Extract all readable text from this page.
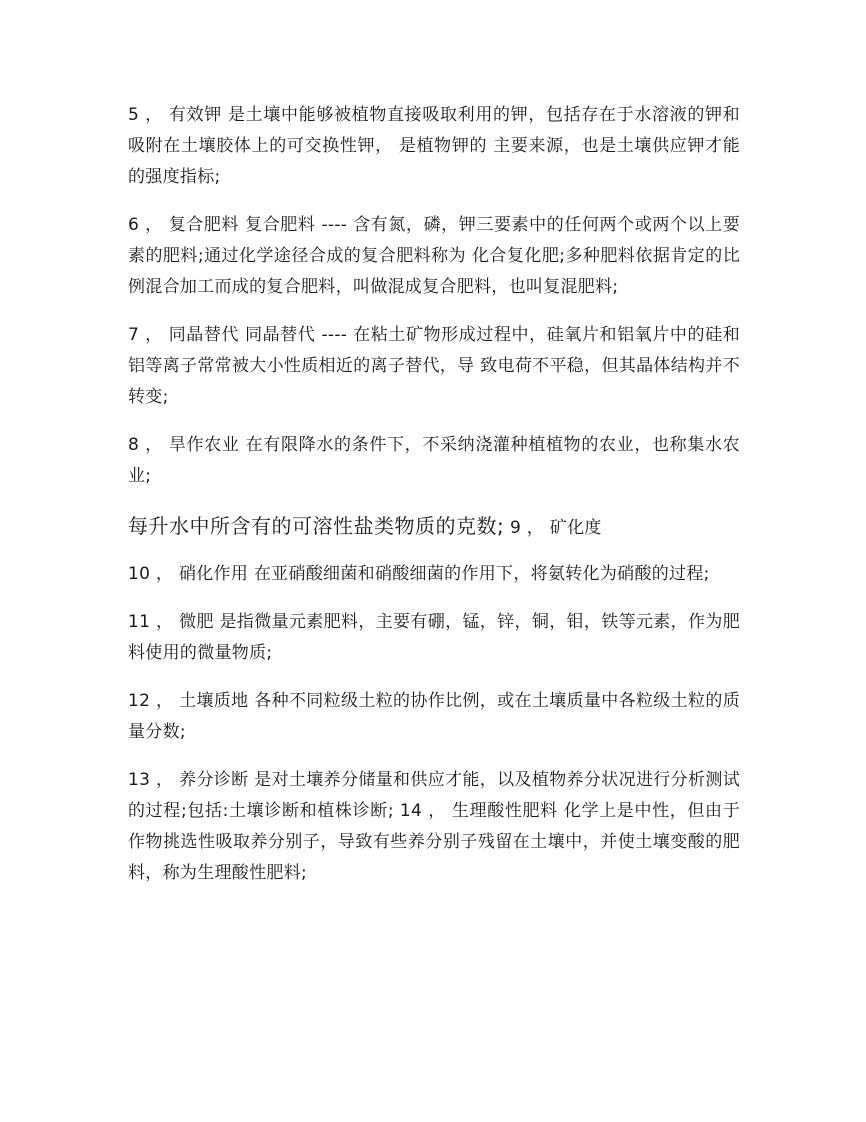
5 ， 有效钾 是土壤中能够被植物直接吸取利用的钾，包括存在于水溶液的钾和吸附在土壤胶体上的可交换性钾， 是植物钾的 主要来源，也是土壤供应钾才能的强度指标;

6 ， 复合肥料 复合肥料 ---- 含有氮，磷，钾三要素中的任何两个或两个以上要素的肥料;通过化学途径合成的复合肥料称为 化合复化肥;多种肥料依据肯定的比例混合加工而成的复合肥料，叫做混成复合肥料，也叫复混肥料;

7 ， 同晶替代 同晶替代 ---- 在粘土矿物形成过程中，硅氧片和铝氧片中的硅和铝等离子常常被大小性质相近的离子替代，导 致电荷不平稳，但其晶体结构并不转变;

8 ， 旱作农业 在有限降水的条件下，不采纳浇灌种植植物的农业，也称集水农业;

每升水中所含有的可溶性盐类物质的克数; 9 ， 矿化度

10 ， 硝化作用 在亚硝酸细菌和硝酸细菌的作用下，将氨转化为硝酸的过程;

11 ， 微肥 是指微量元素肥料，主要有硼，锰，锌，铜，钼，铁等元素，作为肥料使用的微量物质;

12 ， 土壤质地 各种不同粒级土粒的协作比例，或在土壤质量中各粒级土粒的质量分数;

13 ， 养分诊断 是对土壤养分储量和供应才能，以及植物养分状况进行分析测试的过程;包括:土壤诊断和植株诊断; 14 ， 生理酸性肥料 化学上是中性，但由于作物挑选性吸取养分别子，导致有些养分别子残留在土壤中，并使土壤变酸的肥 料，称为生理酸性肥料;
